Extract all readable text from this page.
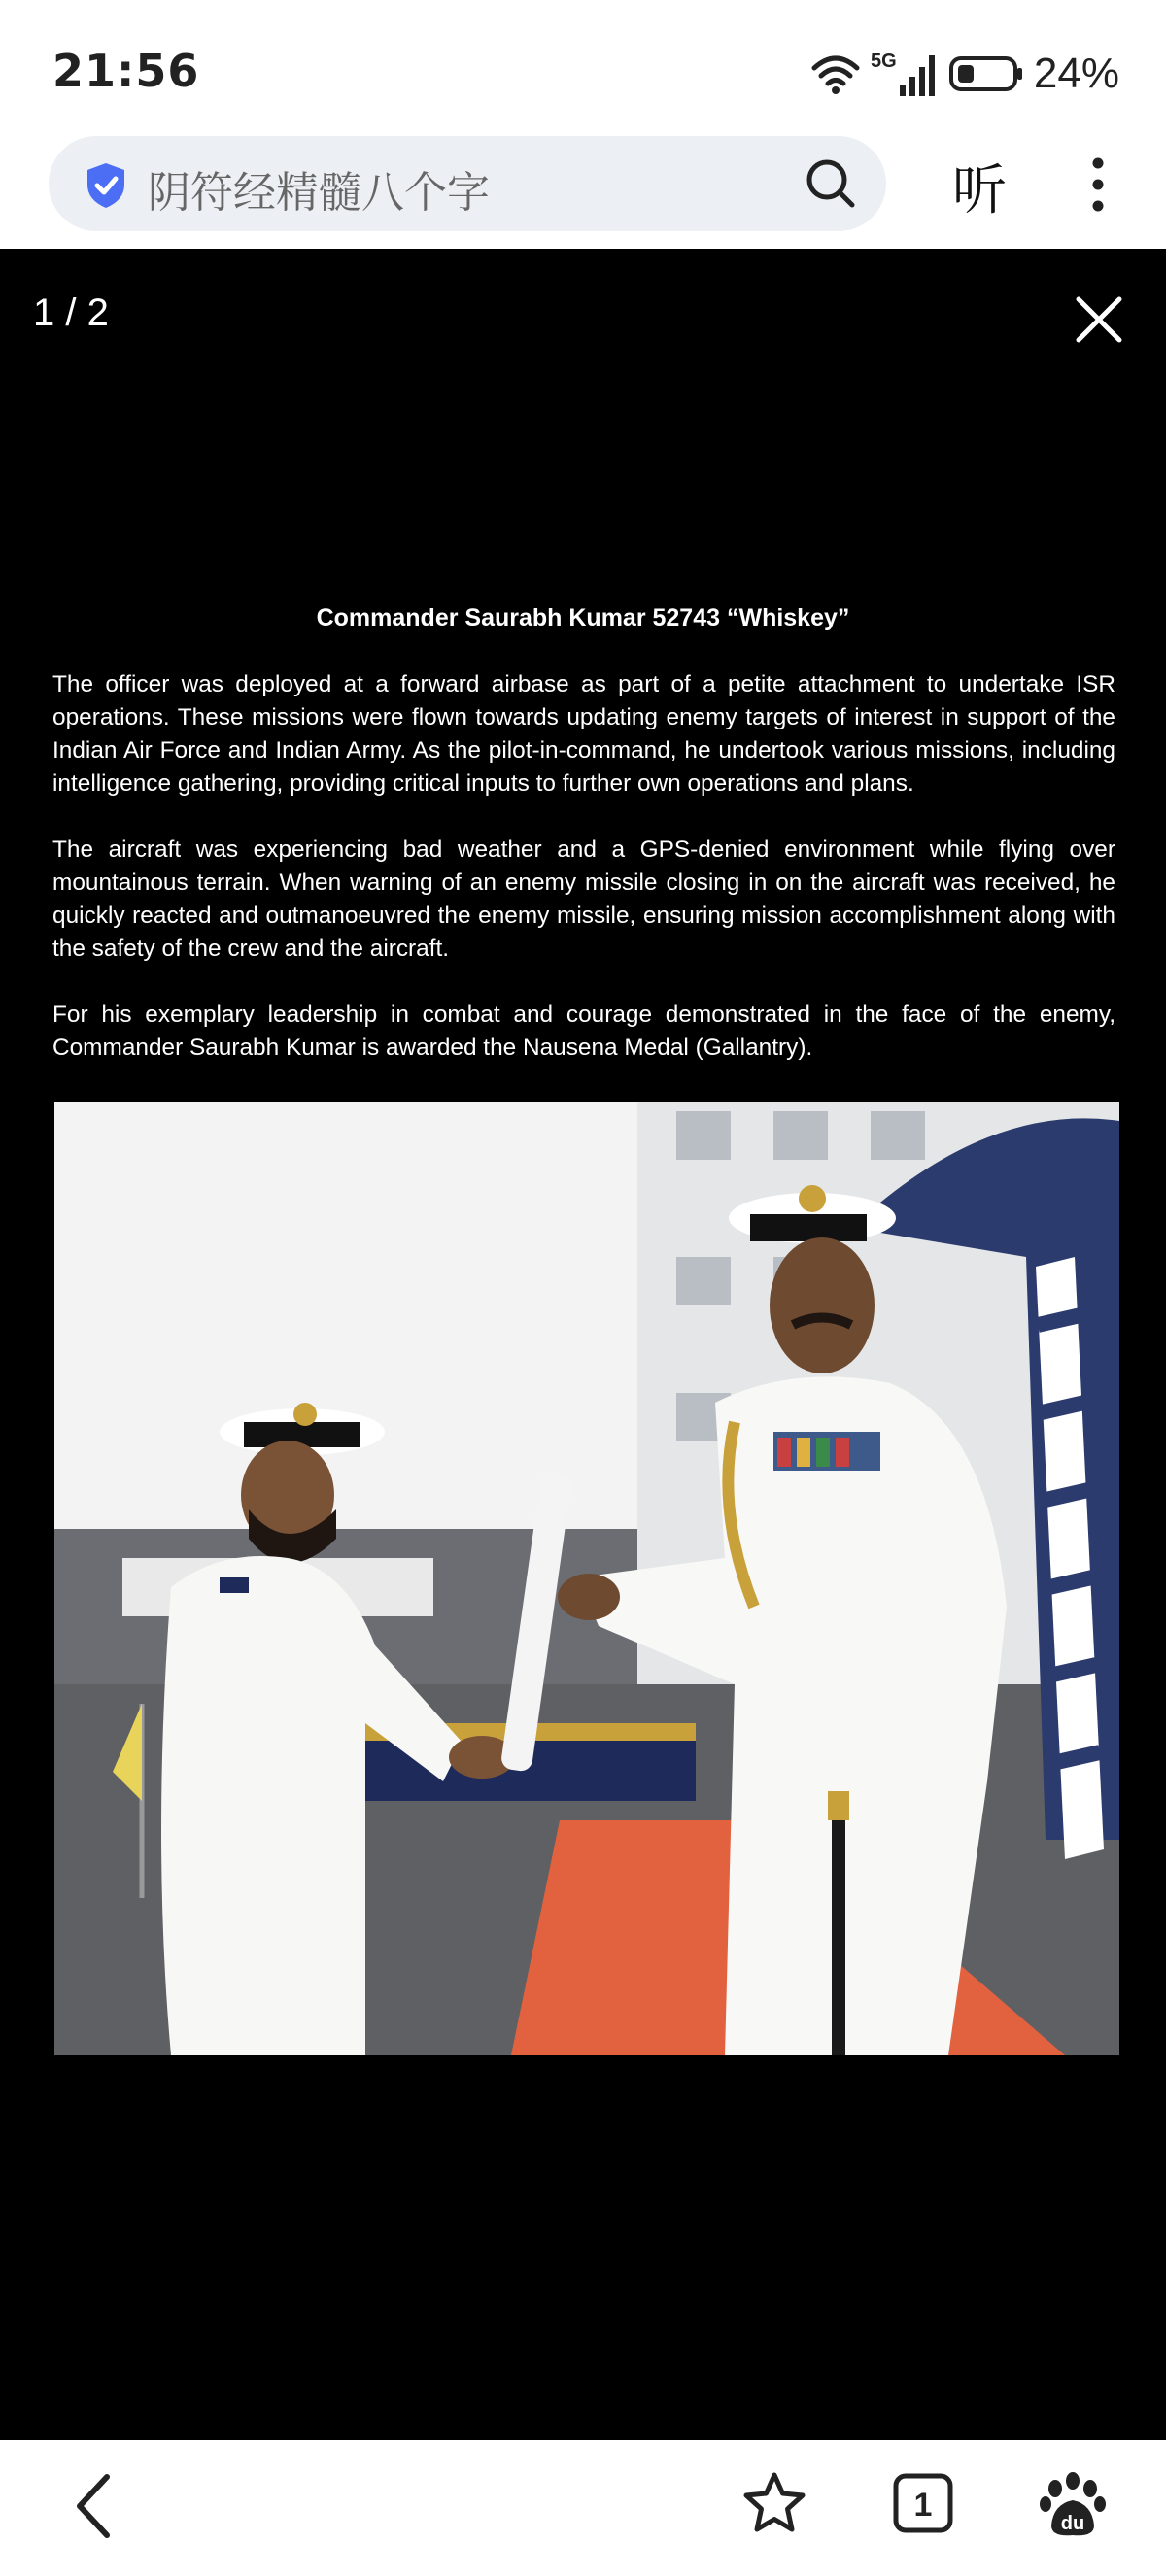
21:56	5G	24%
阴符经精髓八个字	听
1 / 2
Commander Saurabh Kumar 52743 “Whiskey”
The officer was deployed at a forward airbase as part of a petite attachment to undertake ISR operations. These missions were flown towards updating enemy targets of interest in support of the Indian Air Force and Indian Army. As the pilot-in-command, he undertook various missions, including intelligence gathering, providing critical inputs to further own operations and plans.
The aircraft was experiencing bad weather and a GPS-denied environment while flying over mountainous terrain. When warning of an enemy missile closing in on the aircraft was received, he quickly reacted and outmanoeuvred the enemy missile, ensuring mission accomplishment along with the safety of the crew and the aircraft.
For his exemplary leadership in combat and courage demonstrated in the face of the enemy, Commander Saurabh Kumar is awarded the Nausena Medal (Gallantry).
1	du
